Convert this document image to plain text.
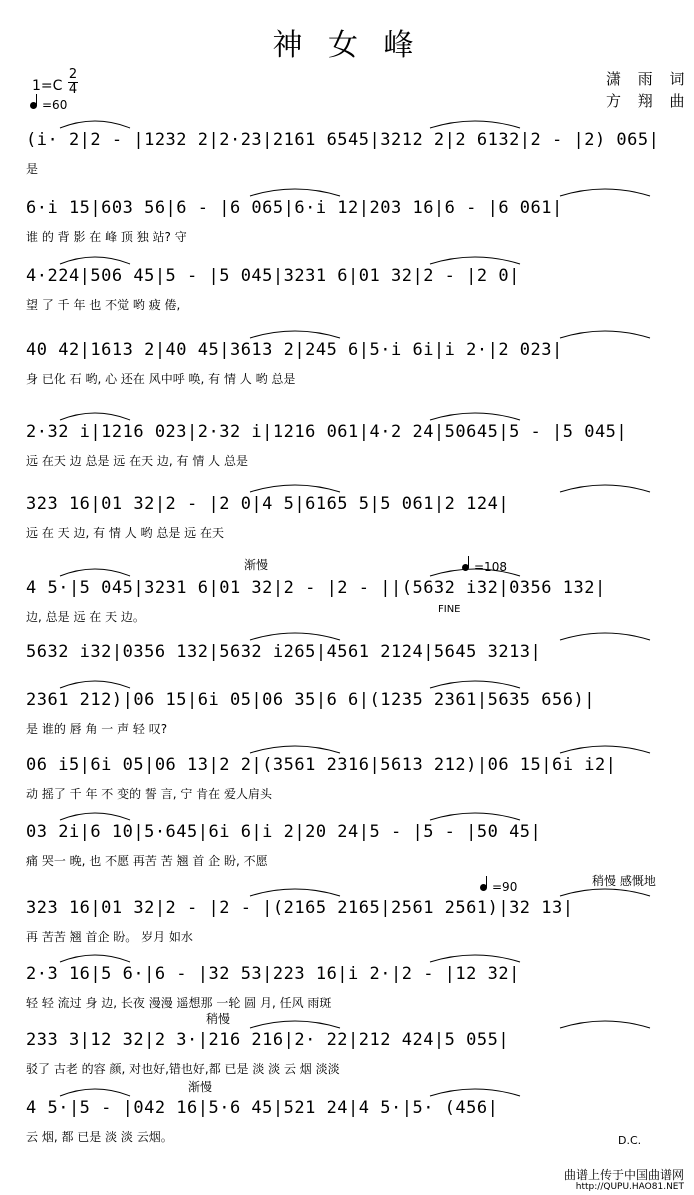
神 女 峰
1=C
2
4
=60
潇 雨 词
方 翔 曲
(i· 2|2 - |1232 2|2·23|2161 6545|3212 2|2 6132|2 - |2) 065|
是
6·i 15|603 56|6 - |6 065|6·i 12|203 16|6 - |6 061|
谁 的 背 影 在 峰 顶 独 站? 守
4·224|506 45|5 - |5 045|3231 6|01 32|2 - |2 0|
望 了 千 年 也 不觉 哟 疲 倦,
40 42|1613 2|40 45|3613 2|245 6|5·i 6i|i 2·|2 023|
身 已化 石 哟, 心 还在 风中呼 唤, 有 情 人 哟 总是
2·32 i|1216 023|2·32 i|1216 061|4·2 24|50645|5 - |5 045|
远 在天 边 总是 远 在天 边, 有 情 人 总是
323 16|01 32|2 - |2 0|4 5|6165 5|5 061|2 124|
远 在 天 边, 有 情 人 哟 总是 远 在天
4 5·|5 045|3231 6|01 32|2 - |2 - ||(5632 i32|0356 132|
边, 总是 远 在 天 边。
5632 i32|0356 132|5632 i265|4561 2124|5645 3213|
2361 212)|06 15|6i 05|06 35|6 6|(1235 2361|5635 656)|
是 谁的 唇 角 一 声 轻 叹?
06 i5|6i 05|06 13|2 2|(3561 2316|5613 212)|06 15|6i i2|
动 摇了 千 年 不 变的 誓 言, 宁 肯在 爱人肩头
03 2i|6 10|5·645|6i 6|i 2|20 24|5 - |5 - |50 45|
痛 哭一 晚, 也 不愿 再苦 苦 翘 首 企 盼, 不愿
323 16|01 32|2 - |2 - |(2165 2165|2561 2561)|32 13|
再 苦苦 翘 首企 盼。 岁月 如水
2·3 16|5 6·|6 - |32 53|223 16|i 2·|2 - |12 32|
轻 轻 流过 身 边, 长夜 漫漫 遥想那 一轮 圆 月, 任风 雨斑
233 3|12 32|2 3·|216 216|2· 22|212 424|5 055|
驳了 古老 的容 颜, 对也好,错也好,都 已是 淡 淡 云 烟 淡淡
4 5·|5 - |042 16|5·6 45|521 24|4 5·|5· (456|
云 烟, 都 已是 淡 淡 云烟。
渐慢
FINE
=108
=90	稍慢 感慨地
稍慢
渐慢
D.C.
曲谱上传于中国曲谱网
http://QUPU.HAO81.NET
